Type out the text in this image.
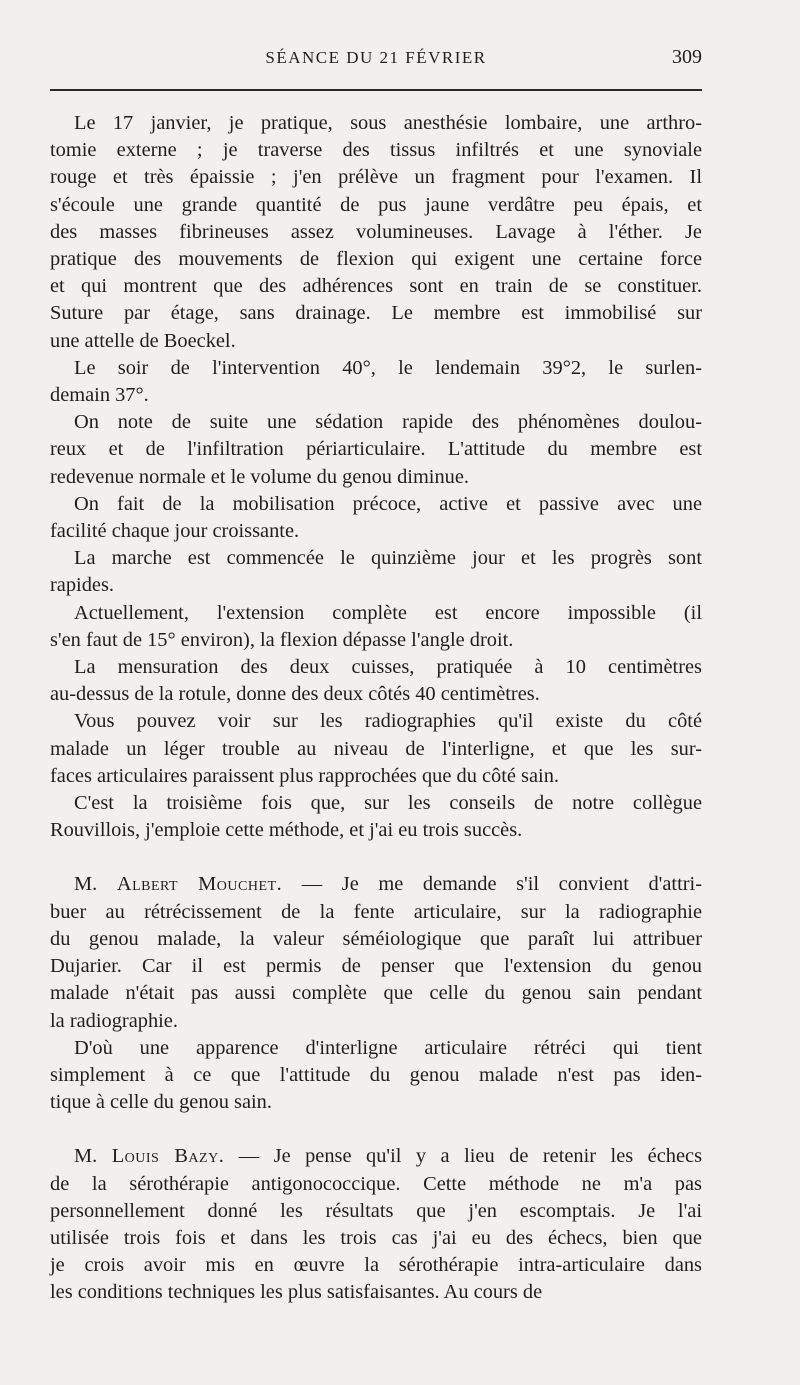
SÉANCE DU 21 FÉVRIER	309
Le 17 janvier, je pratique, sous anesthésie lombaire, une arthro-
tomie externe ; je traverse des tissus infiltrés et une synoviale
rouge et très épaissie ; j'en prélève un fragment pour l'examen. Il
s'écoule une grande quantité de pus jaune verdâtre peu épais, et
des masses fibrineuses assez volumineuses. Lavage à l'éther. Je
pratique des mouvements de flexion qui exigent une certaine force
et qui montrent que des adhérences sont en train de se constituer.
Suture par étage, sans drainage. Le membre est immobilisé sur
une attelle de Boeckel.
Le soir de l'intervention 40°, le lendemain 39°2, le surlen-
demain 37°.
On note de suite une sédation rapide des phénomènes doulou-
reux et de l'infiltration périarticulaire. L'attitude du membre est
redevenue normale et le volume du genou diminue.
On fait de la mobilisation précoce, active et passive avec une
facilité chaque jour croissante.
La marche est commencée le quinzième jour et les progrès sont
rapides.
Actuellement, l'extension complète est encore impossible (il
s'en faut de 15° environ), la flexion dépasse l'angle droit.
La mensuration des deux cuisses, pratiquée à 10 centimètres
au-dessus de la rotule, donne des deux côtés 40 centimètres.
Vous pouvez voir sur les radiographies qu'il existe du côté
malade un léger trouble au niveau de l'interligne, et que les sur-
faces articulaires paraissent plus rapprochées que du côté sain.
C'est la troisième fois que, sur les conseils de notre collègue
Rouvillois, j'emploie cette méthode, et j'ai eu trois succès.
M. Albert Mouchet. — Je me demande s'il convient d'attri-
buer au rétrécissement de la fente articulaire, sur la radiographie
du genou malade, la valeur séméiologique que paraît lui attribuer
Dujarier. Car il est permis de penser que l'extension du genou
malade n'était pas aussi complète que celle du genou sain pendant
la radiographie.
D'où une apparence d'interligne articulaire rétréci qui tient
simplement à ce que l'attitude du genou malade n'est pas iden-
tique à celle du genou sain.
M. Louis Bazy. — Je pense qu'il y a lieu de retenir les échecs
de la sérothérapie antigonococcique. Cette méthode ne m'a pas
personnellement donné les résultats que j'en escomptais. Je l'ai
utilisée trois fois et dans les trois cas j'ai eu des échecs, bien que
je crois avoir mis en œuvre la sérothérapie intra-articulaire dans
les conditions techniques les plus satisfaisantes. Au cours de
